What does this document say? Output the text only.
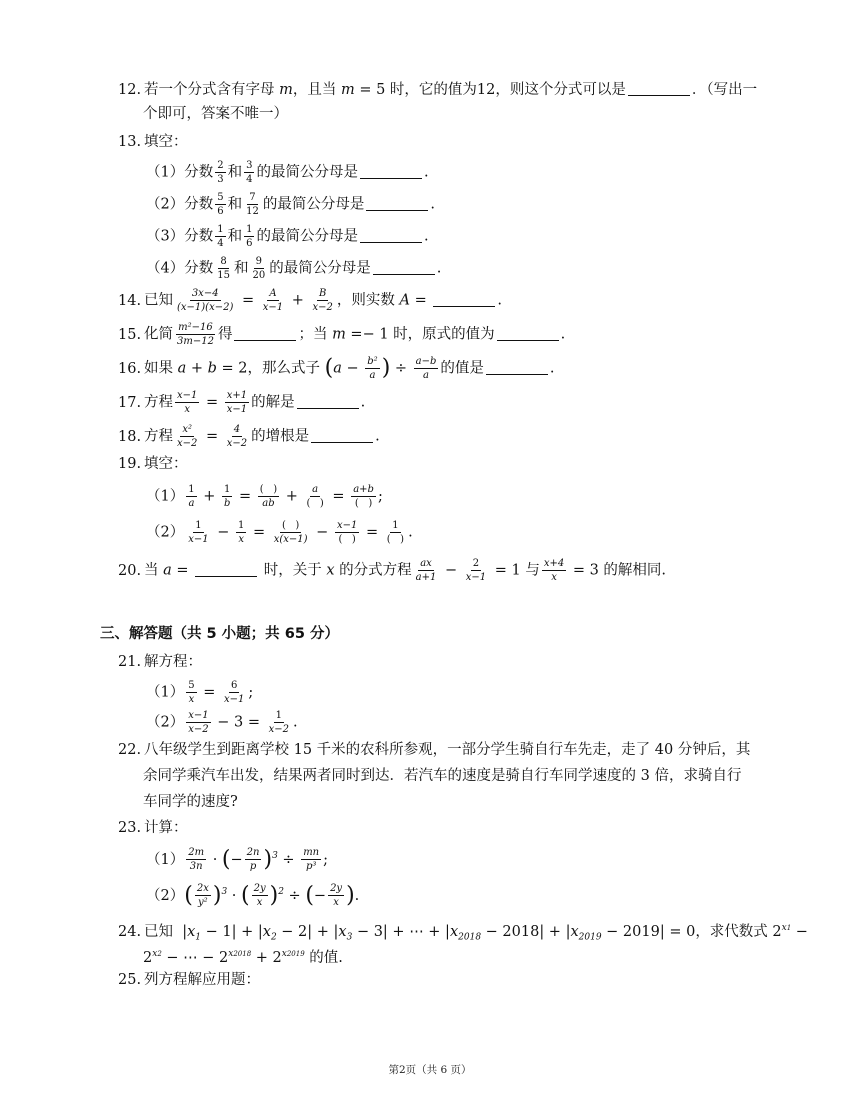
12. 若一个分式含有字母 m，且当 m = 5 时，它的值为12，则这个分式可以是	．（写出一
个即可，答案不唯一）
13. 填空：
（1）分数 $\frac{2}{3}$ 和 $\frac{3}{4}$ 的最简公分母是	.
（2）分数 $\frac{5}{6}$ 和 $\frac{7}{12}$ 的最简公分母是	.
（3）分数 $\frac{1}{4}$ 和 $\frac{1}{6}$ 的最简公分母是	.
（4）分数 $\frac{8}{15}$ 和 $\frac{9}{20}$ 的最简公分母是	.
14. 已知 $\frac{3x-4}{(x-1)(x-2)} = \frac{A}{x-1} + \frac{B}{x-2}$ ，则实数 A =	.
15. 化简 $\frac{\text{m²−16}}{3m-12}$ 得	；当 m =− 1 时，原式的值为	.
16. 如果 a + b = 2，那么式子 ($a - \frac{\text{b²}}{a}$ ) ÷ $\frac{a-b}{a}$ 的值是	.
17. 方程 $\frac{x-1}{x} = \frac{x+1}{x-1}$ 的解是	.
18. 方程 $\frac{\text{x²}}{x-2} = \frac{4}{x-2}$ 的增根是	.
19. 填空：
$(1) \frac{1}{a} + \frac{1}{b} = \frac{( )}{ab} + \frac{a}{( )} = \frac{a+b}{( )}$ ;
$(2) \frac{1}{x-1} - \frac{1}{x} = \frac{( )}{x(x-1)} - \frac{x-1}{( )} = \frac{1}{( )}$ .
20. 当 a =	时，关于 x 的分式方程 $\frac{ax}{a+1} - \frac{2}{x-1} = 1$ 与 $\frac{x+4}{x} = 3$ 的解相同.
三、解答题（共 5 小题；共 65 分）
21. 解方程：
$(1) \frac{5}{x} = \frac{6}{x-1}$ ;
$(2) \frac{x-1}{x-2} - 3 = \frac{1}{x-2}$ .
22. 八年级学生到距离学校 15 千米的农科所参观，一部分学生骑自行车先走，走了 40 分钟后，其
余同学乘汽车出发，结果两者同时到达．若汽车的速度是骑自行车同学速度的 3 倍，求骑自行
车同学的速度?
23. 计算：
$(1) \frac{2m}{3n}$ · (− $\frac{2n}{p} )^3 \div \frac{mn}{\text{p³}}$ ;
$(2)( \frac{2x}{\text{y²}} )^3$ · ( $\frac{2y}{x} )^2$ ÷ (− $\frac{2y}{x}$ ).
24. 已知  $|x_1 - 1| + |x_2 - 2| + |x_3 - 3|$ + ⋯ + $|x_{2018} - 2018| + |x_{2019} - 2019| = 0$，求代数式 $2^{x1}$ −
$2^{x2}$ − ⋯ − $2^{x2018} + 2^{x2019}$ 的值.
25. 列方程解应用题：
第2页（共 6 页）
